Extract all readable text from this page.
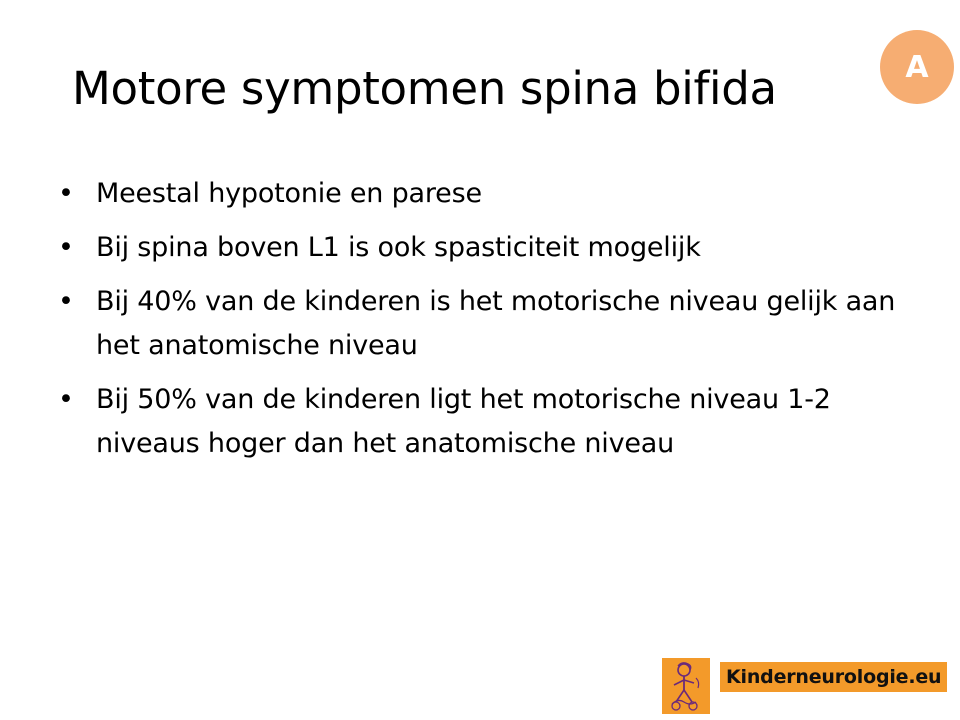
Motore symptomen spina bifida	A
• Meestal hypotonie en parese
• Bij spina boven L1 is ook spasticiteit mogelijk
• Bij 40% van de kinderen is het motorische niveau gelijk aan het anatomische niveau
• Bij 50% van de kinderen ligt het motorische niveau 1-2 niveaus hoger dan het anatomische niveau
Kinderneurologie.eu
